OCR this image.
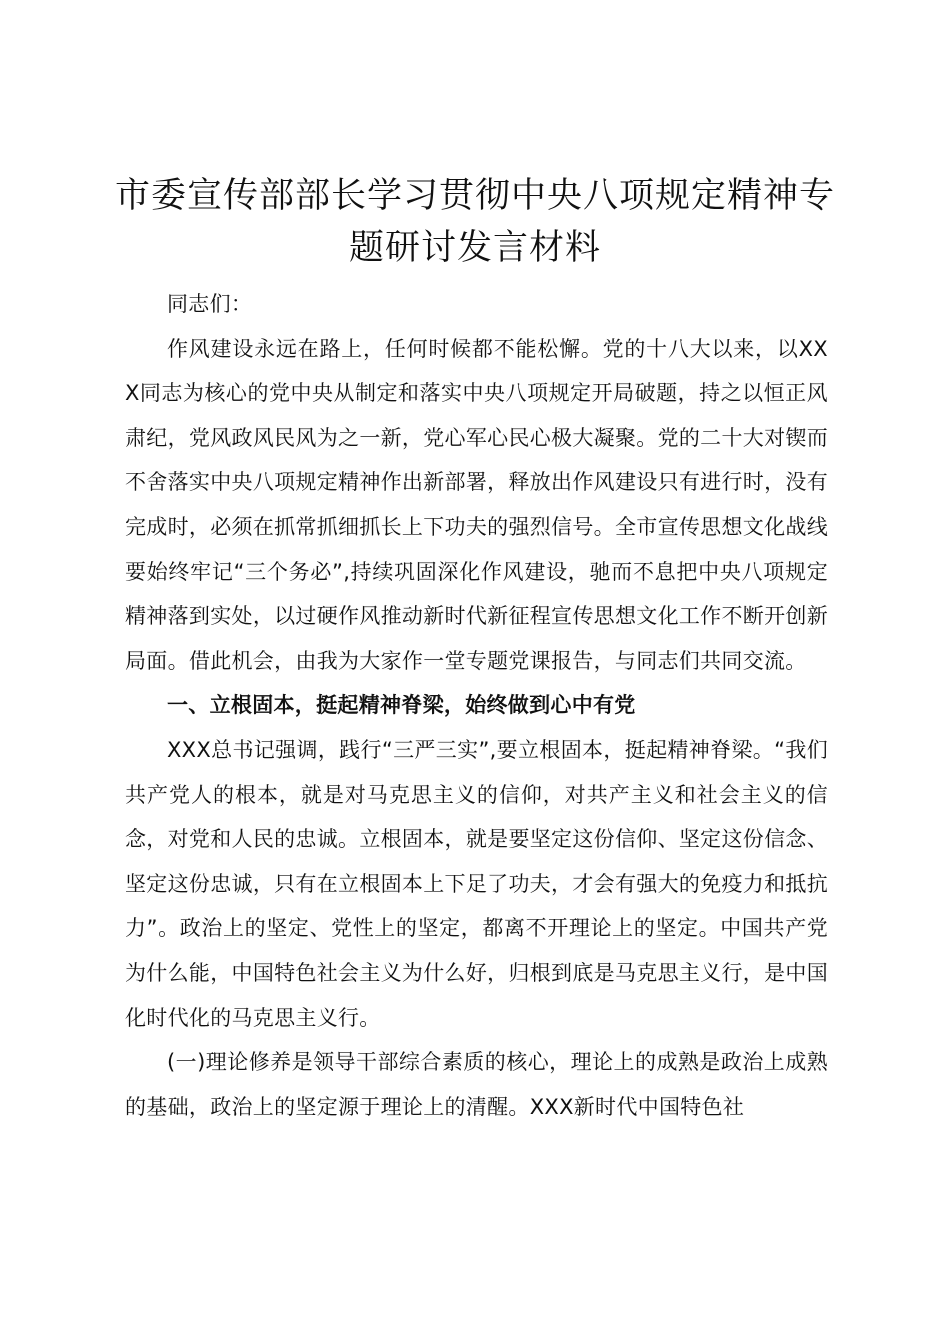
市委宣传部部长学习贯彻中央八项规定精神专题研讨发言材料

同志们：

作风建设永远在路上，任何时候都不能松懈。党的十八大以来，以XXX同志为核心的党中央从制定和落实中央八项规定开局破题，持之以恒正风肃纪，党风政风民风为之一新，党心军心民心极大凝聚。党的二十大对锲而不舍落实中央八项规定精神作出新部署，释放出作风建设只有进行时，没有完成时，必须在抓常抓细抓长上下功夫的强烈信号。全市宣传思想文化战线要始终牢记“三个务必”,持续巩固深化作风建设，驰而不息把中央八项规定精神落到实处，以过硬作风推动新时代新征程宣传思想文化工作不断开创新局面。借此机会，由我为大家作一堂专题党课报告，与同志们共同交流。

一、立根固本，挺起精神脊梁，始终做到心中有党

XXX总书记强调，践行“三严三实”,要立根固本，挺起精神脊梁。“我们共产党人的根本，就是对马克思主义的信仰，对共产主义和社会主义的信念，对党和人民的忠诚。立根固本，就是要坚定这份信仰、坚定这份信念、坚定这份忠诚，只有在立根固本上下足了功夫，才会有强大的免疫力和抵抗力”。政治上的坚定、党性上的坚定，都离不开理论上的坚定。中国共产党为什么能，中国特色社会主义为什么好，归根到底是马克思主义行，是中国化时代化的马克思主义行。

(一)理论修养是领导干部综合素质的核心，理论上的成熟是政治上成熟的基础，政治上的坚定源于理论上的清醒。XXX新时代中国特色社
